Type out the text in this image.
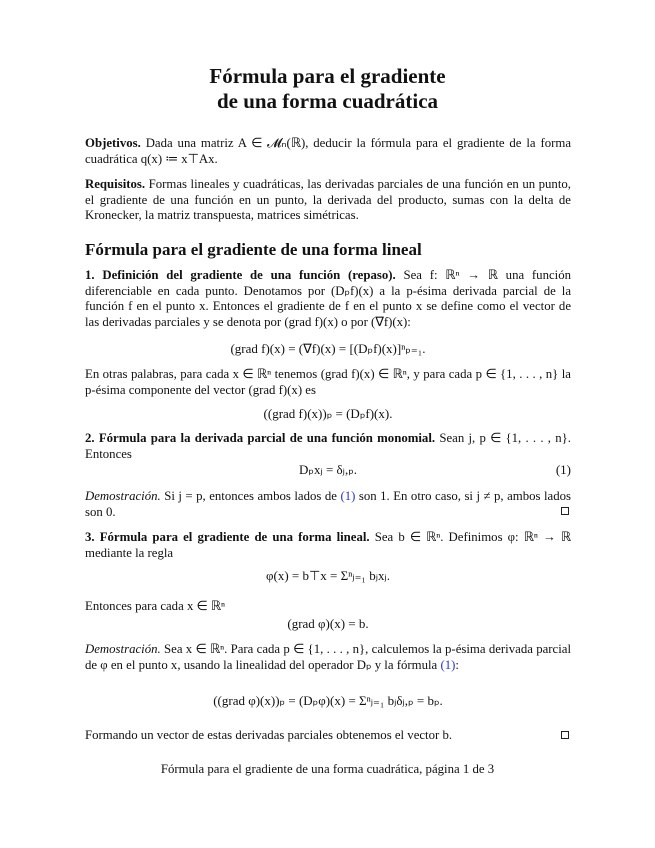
Fórmula para el gradiente
de una forma cuadrática
Objetivos. Dada una matriz A ∈ 𝓜ₙ(ℝ), deducir la fórmula para el gradiente de la forma cuadrática q(x) ≔ x⊤Ax.
Requisitos. Formas lineales y cuadráticas, las derivadas parciales de una función en un punto, el gradiente de una función en un punto, la derivada del producto, sumas con la delta de Kronecker, la matriz transpuesta, matrices simétricas.
Fórmula para el gradiente de una forma lineal
1. Definición del gradiente de una función (repaso). Sea f: ℝⁿ → ℝ una función diferenciable en cada punto. Denotamos por (Dₚf)(x) a la p-ésima derivada parcial de la función f en el punto x. Entonces el gradiente de f en el punto x se define como el vector de las derivadas parciales y se denota por (grad f)(x) o por (∇f)(x):
(grad f)(x) = (∇f)(x) = [(Dₚf)(x)]ⁿₚ₌₁.
En otras palabras, para cada x ∈ ℝⁿ tenemos (grad f)(x) ∈ ℝⁿ, y para cada p ∈ {1, . . . , n} la p-ésima componente del vector (grad f)(x) es
((grad f)(x))ₚ = (Dₚf)(x).
2. Fórmula para la derivada parcial de una función monomial. Sean j, p ∈ {1, . . . , n}. Entonces
Dₚxⱼ = δⱼ,ₚ.	(1)
Demostración. Si j = p, entonces ambos lados de (1) son 1. En otro caso, si j ≠ p, ambos lados son 0.
3. Fórmula para el gradiente de una forma lineal. Sea b ∈ ℝⁿ. Definimos φ: ℝⁿ → ℝ mediante la regla
φ(x) = b⊤x = Σⁿⱼ₌₁ bⱼxⱼ.
Entonces para cada x ∈ ℝⁿ
(grad φ)(x) = b.
Demostración. Sea x ∈ ℝⁿ. Para cada p ∈ {1, . . . , n}, calculemos la p-ésima derivada parcial de φ en el punto x, usando la linealidad del operador Dₚ y la fórmula (1):
((grad φ)(x))ₚ = (Dₚφ)(x) = Σⁿⱼ₌₁ bⱼδⱼ,ₚ = bₚ.
Formando un vector de estas derivadas parciales obtenemos el vector b.
Fórmula para el gradiente de una forma cuadrática, página 1 de 3
